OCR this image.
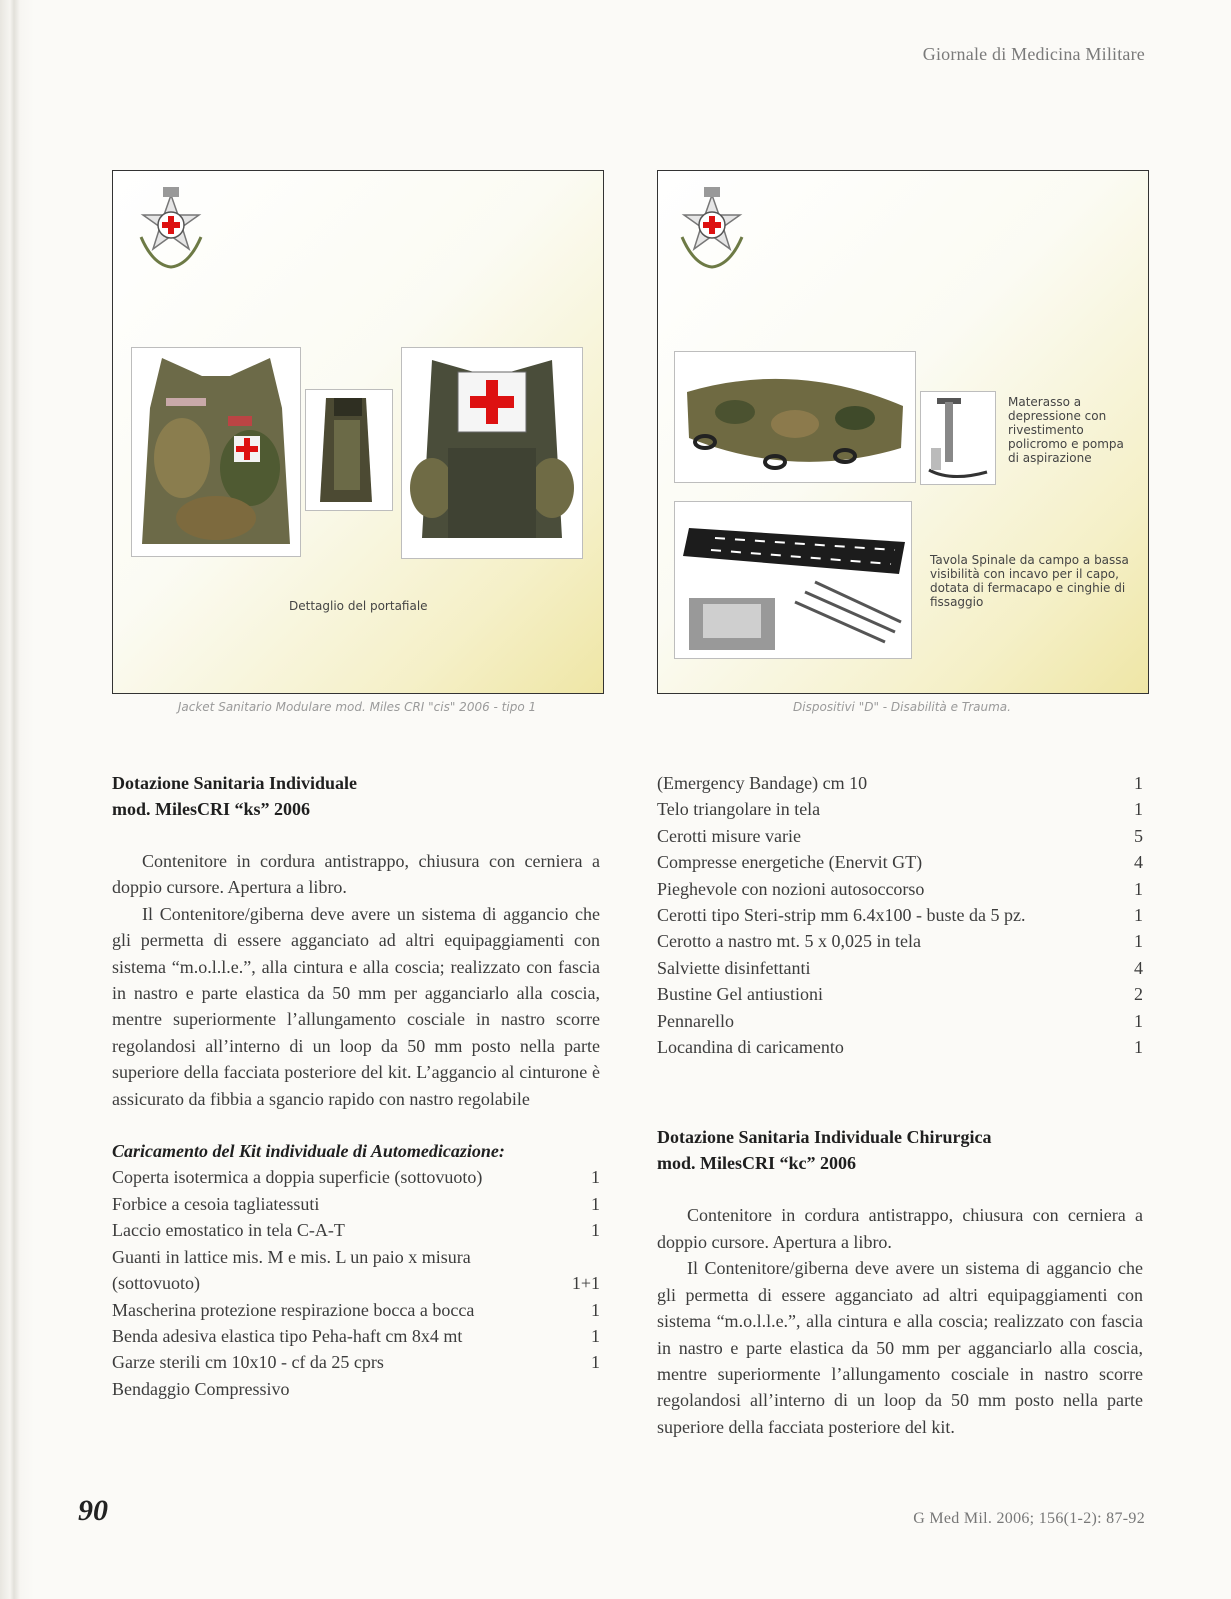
Giornale di Medicina Militare
Dettaglio del portafiale
Jacket Sanitario Modulare mod. Miles CRI "cis" 2006 - tipo 1
Materasso a depressione con rivestimento policromo e pompa di aspirazione
Tavola Spinale da campo a bassa visibilità con incavo per il capo, dotata di fermacapo e cinghie di fissaggio
Dispositivi "D" - Disabilità e Trauma.
Dotazione Sanitaria Individuale
mod. MilesCRI “ks” 2006

Contenitore in cordura antistrappo, chiusura con cerniera a doppio cursore. Apertura a libro.

Il Contenitore/giberna deve avere un sistema di aggancio che gli permetta di essere agganciato ad altri equipaggiamenti con sistema “m.o.l.l.e.”, alla cintura e alla coscia; realizzato con fascia in nastro e parte elastica da 50 mm per agganciarlo alla coscia, mentre superiormente l’allungamento cosciale in nastro scorre regolandosi all’interno di un loop da 50 mm posto nella parte superiore della facciata posteriore del kit. L’aggancio al cinturone è assicurato da fibbia a sgancio rapido con nastro regolabile

Caricamento del Kit individuale di Automedicazione:
Coperta isotermica a doppia superficie (sottovuoto)	1
Forbice a cesoia tagliatessuti	1
Laccio emostatico in tela C-A-T	1
Guanti in lattice mis. M e mis. L un paio x misura
(sottovuoto)	1+1
Mascherina protezione respirazione bocca a bocca	1
Benda adesiva elastica tipo Peha-haft cm 8x4 mt	1
Garze sterili cm 10x10 - cf da 25 cprs	1
Bendaggio Compressivo
(Emergency Bandage) cm 10	1
Telo triangolare in tela	1
Cerotti misure varie	5
Compresse energetiche (Enervit GT)	4
Pieghevole con nozioni autosoccorso	1
Cerotti tipo Steri-strip mm 6.4x100 - buste da 5 pz.	1
Cerotto a nastro mt. 5 x 0,025 in tela	1
Salviette disinfettanti	4
Bustine Gel antiustioni	2
Pennarello	1
Locandina di caricamento	1
Dotazione Sanitaria Individuale Chirurgica
mod. MilesCRI “kc” 2006

Contenitore in cordura antistrappo, chiusura con cerniera a doppio cursore. Apertura a libro.

Il Contenitore/giberna deve avere un sistema di aggancio che gli permetta di essere agganciato ad altri equipaggiamenti con sistema “m.o.l.l.e.”, alla cintura e alla coscia; realizzato con fascia in nastro e parte elastica da 50 mm per agganciarlo alla coscia, mentre superiormente l’allungamento cosciale in nastro scorre regolandosi all’interno di un loop da 50 mm posto nella parte superiore della facciata posteriore del kit.

90	G Med Mil. 2006; 156(1-2): 87-92
